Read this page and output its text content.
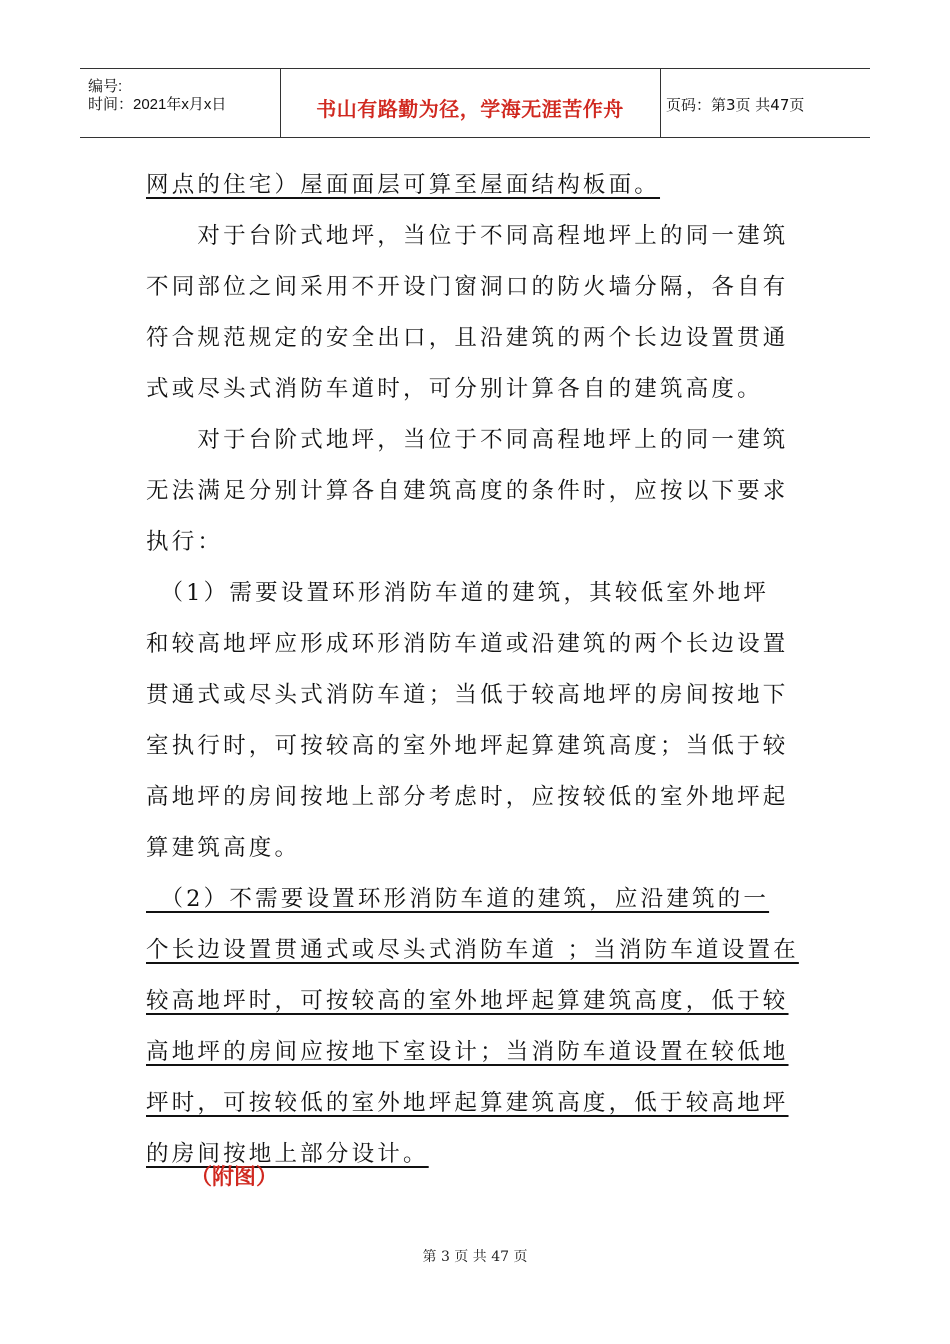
编号:
时间：2021年x月x日	书山有路勤为径，学海无涯苦作舟	页码：第3页 共47页
网点的住宅）屋面面层可算至屋面结构板面。
　　对于台阶式地坪，当位于不同高程地坪上的同一建筑
不同部位之间采用不开设门窗洞口的防火墙分隔，各自有
符合规范规定的安全出口，且沿建筑的两个长边设置贯通
式或尽头式消防车道时，可分别计算各自的建筑高度。
　　对于台阶式地坪，当位于不同高程地坪上的同一建筑
无法满足分别计算各自建筑高度的条件时，应按以下要求
执行：
　（1）需要设置环形消防车道的建筑，其较低室外地坪
和较高地坪应形成环形消防车道或沿建筑的两个长边设置
贯通式或尽头式消防车道；当低于较高地坪的房间按地下
室执行时，可按较高的室外地坪起算建筑高度；当低于较
高地坪的房间按地上部分考虑时，应按较低的室外地坪起
算建筑高度。
　（2）不需要设置环形消防车道的建筑，应沿建筑的一
个长边设置贯通式或尽头式消防车道 ；当消防车道设置在
较高地坪时，可按较高的室外地坪起算建筑高度，低于较
高地坪的房间应按地下室设计；当消防车道设置在较低地
坪时，可按较低的室外地坪起算建筑高度，低于较高地坪
的房间按地上部分设计。
（附图）
第 3 页 共 47 页
